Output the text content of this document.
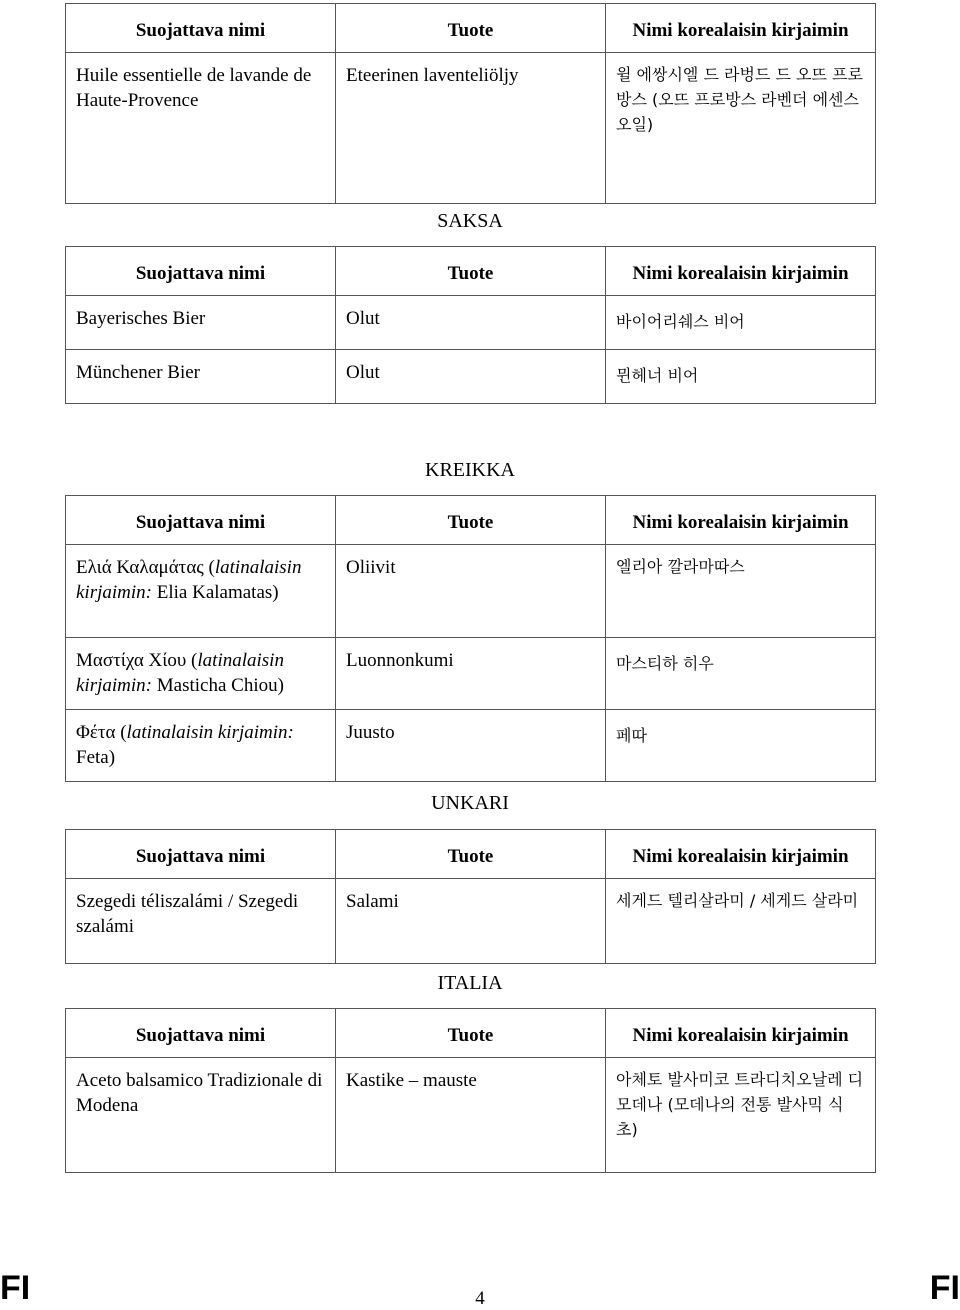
Suojattava nimi	Tuote	Nimi korealaisin kirjaimin
Huile essentielle de lavande de Haute-Provence	Eteerinen laventeliöljy	윌 에쌍시엘 드 라벙드 드 오뜨 프로방스 (오뜨 프로방스 라벤더 에센스 오일)
SAKSA
Suojattava nimi	Tuote	Nimi korealaisin kirjaimin
Bayerisches Bier	Olut	바이어리쉐스 비어
Münchener Bier	Olut	뮌헤너 비어
KREIKKA
Suojattava nimi	Tuote	Nimi korealaisin kirjaimin
Ελιά Καλαμάτας (latinalaisin kirjaimin: Elia Kalamatas)	Oliivit	엘리아 깔라마따스
Μαστίχα Χίου (latinalaisin kirjaimin: Masticha Chiou)	Luonnonkumi	마스티하 히우
Φέτα (latinalaisin kirjaimin: Feta)	Juusto	페따
UNKARI
Suojattava nimi	Tuote	Nimi korealaisin kirjaimin
Szegedi téliszalámi / Szegedi szalámi	Salami	세게드 텔리살라미 / 세게드 살라미
ITALIA
Suojattava nimi	Tuote	Nimi korealaisin kirjaimin
Aceto balsamico Tradizionale di Modena	Kastike – mauste	아체토 발사미코 트라디치오날레 디 모데나 (모데나의 전통 발사믹 식초)
FI	4	FI
